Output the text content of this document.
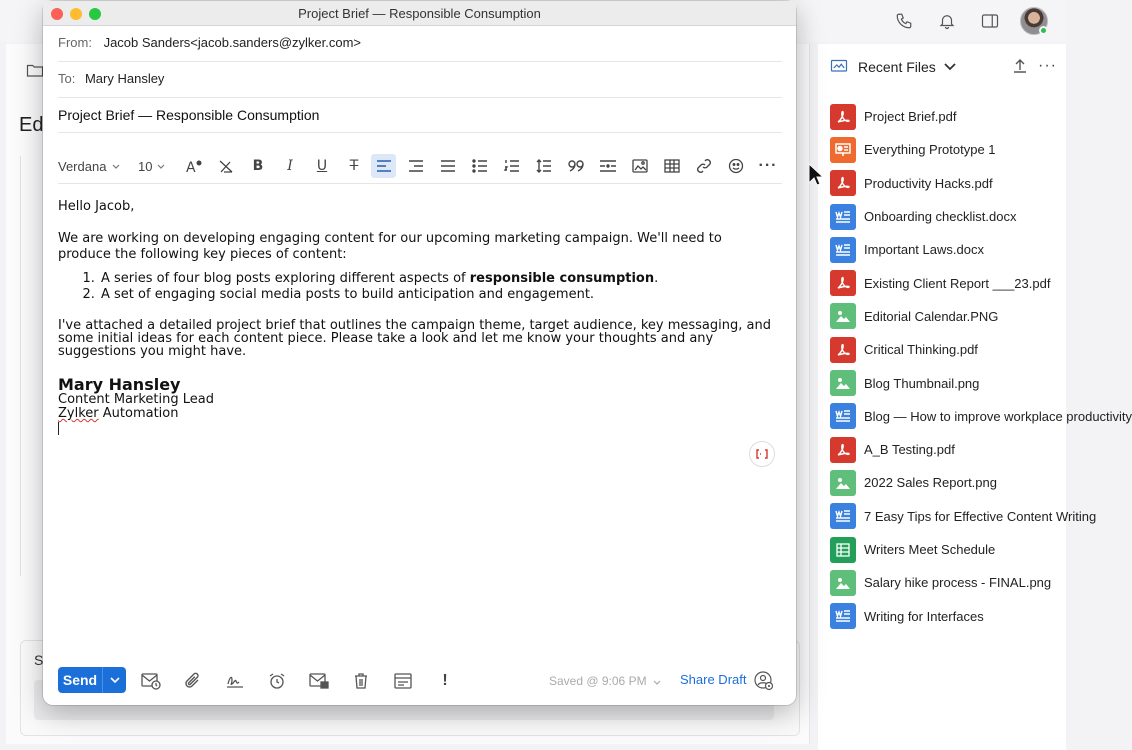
Ed
S
Recent Files	···
Project Brief.pdf
Everything Prototype 1
Productivity Hacks.pdf
Onboarding checklist.docx
Important Laws.docx
Existing Client Report ___23.pdf
Editorial Calendar.PNG
Critical Thinking.pdf
Blog Thumbnail.png
Blog — How to improve workplace productivity
A_B Testing.pdf
2022 Sales Report.png
7 Easy Tips for Effective Content Writing
Writers Meet Schedule
Salary hike process - FINAL.png
Writing for Interfaces
Project Brief — Responsible Consumption
From: Jacob Sanders<jacob.sanders@zylker.com>
To: Mary Hansley
Project Brief — Responsible Consumption
Verdana 10 A	B	I	U	T	···

Hello Jacob,

We are working on developing engaging content for our upcoming marketing campaign. We'll need to produce the following key pieces of content:

1. A series of four blog posts exploring different aspects of responsible consumption.
2. A set of engaging social media posts to build anticipation and engagement.

I've attached a detailed project brief that outlines the campaign theme, target audience, key messaging, and some initial ideas for each content piece. Please take a look and let me know your thoughts and any suggestions you might have.

Mary Hansley
Content Marketing Lead
Zylker Automation
Send	!	Saved @ 9:06 PM	Share Draft
